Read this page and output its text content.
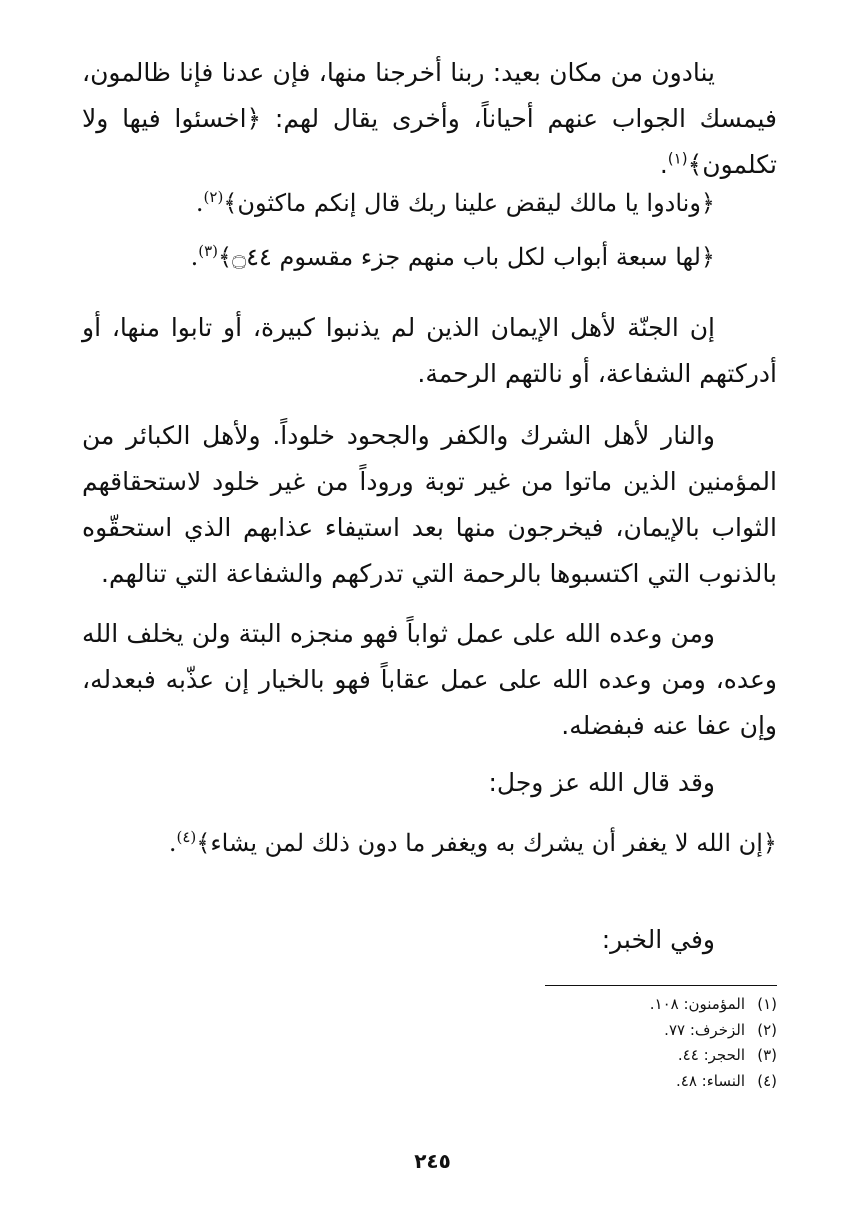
ينادون من مكان بعيد: ربنا أخرجنا منها، فإن عدنا فإنا ظالمون، فيمسك الجواب عنهم أحياناً، وأخرى يقال لهم: ﴿اخسئوا فيها ولا تكلمون﴾$^{(١)}$.

﴿ونادوا يا مالك ليقض علينا ربك قال إنكم ماكثون﴾$^{(٢)}$.

﴿لها سبعة أبواب لكل باب منهم جزء مقسوم ۝٤٤﴾$^{(٣)}$.

إن الجنّة لأهل الإيمان الذين لم يذنبوا كبيرة، أو تابوا منها، أو أدركتهم الشفاعة، أو نالتهم الرحمة.

والنار لأهل الشرك والكفر والجحود خلوداً. ولأهل الكبائر من المؤمنين الذين ماتوا من غير توبة وروداً من غير خلود لاستحقاقهم الثواب بالإيمان، فيخرجون منها بعد استيفاء عذابهم الذي استحقّوه بالذنوب التي اكتسبوها بالرحمة التي تدركهم والشفاعة التي تنالهم.

ومن وعده الله على عمل ثواباً فهو منجزه البتة ولن يخلف الله وعده، ومن وعده الله على عمل عقاباً فهو بالخيار إن عذّبه فبعدله، وإن عفا عنه فبفضله.

وقد قال الله عز وجل:

﴿إن الله لا يغفر أن يشرك به ويغفر ما دون ذلك لمن يشاء﴾$^{(٤)}$.

وفي الخبر:

(١)المؤمنون: ١٠٨.
(٢)الزخرف: ٧٧.
(٣)الحجر: ٤٤.
(٤)النساء: ٤٨.
٢٤٥
